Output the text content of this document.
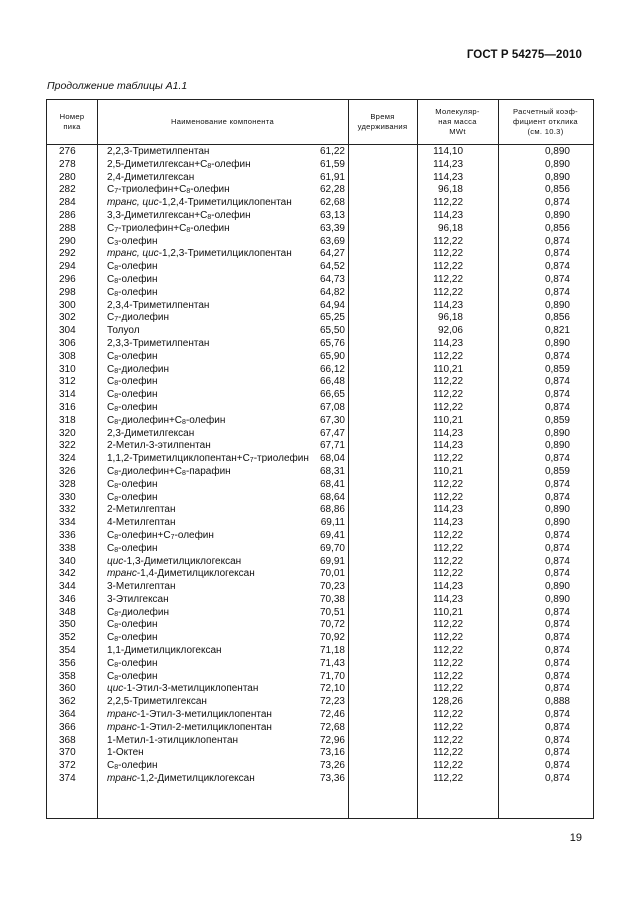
ГОСТ Р 54275—2010
Продолжение таблицы А1.1
Номер
пика
Наименование компонента
Время
удерживания
Молекуляр-
ная масса
MWt
Расчетный коэф-
фициент отклика
(см. 10.3)
276	2,2,3-Триметилпентан	61,22	114,10	0,890
278	$2,5-Диметилгексан+C_8$-олефин	61,59	114,23	0,890
280	2,4-Диметилгексан	61,91	114,23	0,890
282	$C_7-триолефин+C_8$-олефин	62,28	96,18	0,856
284	транс, цис-1,2,4-Триметилциклопентан	62,68	112,22	0,874
286	$3,3-Диметилгексан+C_8$-олефин	63,13	114,23	0,890
288	$C_7-триолефин+C_8$-олефин	63,39	96,18	0,856
290	$C_3$-олефин	63,69	112,22	0,874
292	транс, цис-1,2,3-Триметилциклопентан	64,27	112,22	0,874
294	$C_8$-олефин	64,52	112,22	0,874
296	$C_8$-олефин	64,73	112,22	0,874
298	$C_8$-олефин	64,82	112,22	0,874
300	2,3,4-Триметилпентан	64,94	114,23	0,890
302	$C_7$-диолефин	65,25	96,18	0,856
304	Толуол	65,50	92,06	0,821
306	2,3,3-Триметилпентан	65,76	114,23	0,890
308	$C_8$-олефин	65,90	112,22	0,874
310	$C_8$-диолефин	66,12	110,21	0,859
312	$C_8$-олефин	66,48	112,22	0,874
314	$C_8$-олефин	66,65	112,22	0,874
316	$C_8$-олефин	67,08	112,22	0,874
318	$C_8-диолефин+C_8$-олефин	67,30	110,21	0,859
320	2,3-Диметилгексан	67,47	114,23	0,890
322	2-Метил-3-этилпентан	67,71	114,23	0,890
324	$1,1,2-Триметилциклопентан+C_7$-триолефин 68,04	112,22	0,874
326	$C_8-диолефин+C_8$-парафин	68,31	110,21	0,859
328	$C_8$-олефин	68,41	112,22	0,874
330	$C_8$-олефин	68,64	112,22	0,874
332	2-Метилгептан	68,86	114,23	0,890
334	4-Метилгептан	69,11	114,23	0,890
336	$C_8-олефин+C_7$-олефин	69,41	112,22	0,874
338	$C_8$-олефин	69,70	112,22	0,874
340	цис-1,3-Диметилциклогексан	69,91	112,22	0,874
342	транс-1,4-Диметилциклогексан	70,01	112,22	0,874
344	3-Метилгептан	70,23	114,23	0,890
346	3-Этилгексан	70,38	114,23	0,890
348	$C_8$-диолефин	70,51	110,21	0,874
350	$C_8$-олефин	70,72	112,22	0,874
352	$C_8$-олефин	70,92	112,22	0,874
354	1,1-Диметилциклогексан	71,18	112,22	0,874
356	$C_8$-олефин	71,43	112,22	0,874
358	$C_8$-олефин	71,70	112,22	0,874
360	цис-1-Этил-3-метилциклопентан	72,10	112,22	0,874
362	2,2,5-Триметилгексан	72,23	128,26	0,888
364	транс-1-Этил-3-метилциклопентан	72,46	112,22	0,874
366	транс-1-Этил-2-метилциклопентан	72,68	112,22	0,874
368	1-Метил-1-этилциклопентан	72,96	112,22	0,874
370	1-Октен	73,16	112,22	0,874
372	$C_8$-олефин	73,26	112,22	0,874
374	транс-1,2-Диметилциклогексан	73,36	112,22	0,874
19
